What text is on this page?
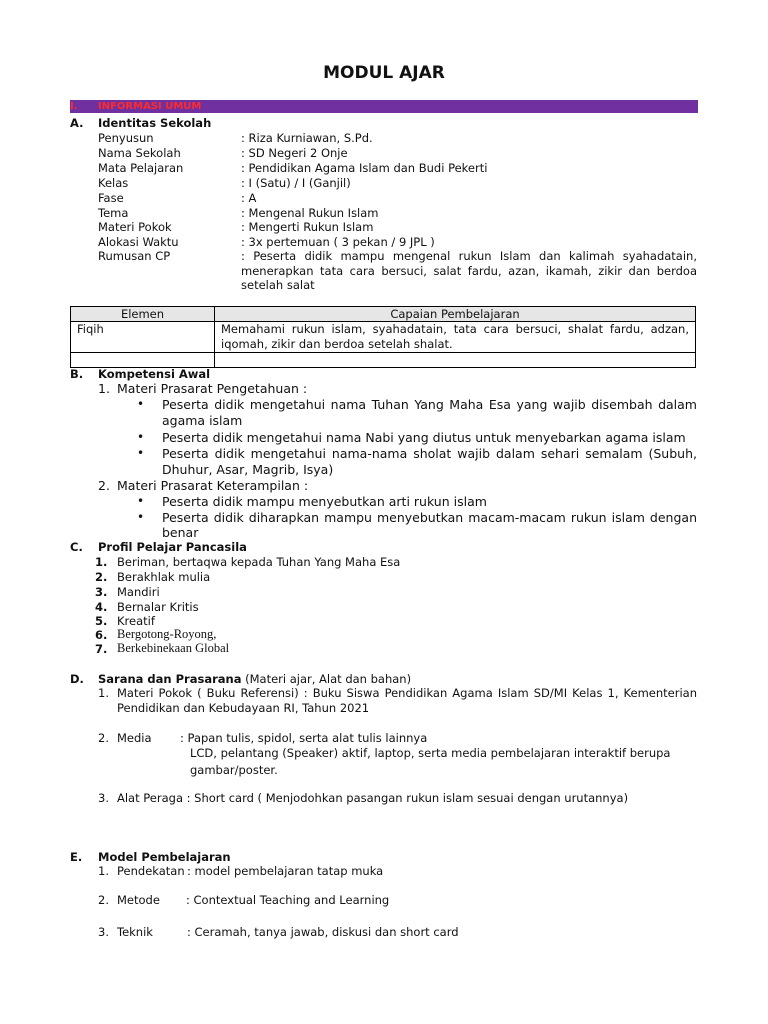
MODUL AJAR
I. INFORMASI UMUM
A. Identitas Sekolah
Penyusun	: Riza Kurniawan, S.Pd.
Nama Sekolah	: SD Negeri 2 Onje
Mata Pelajaran	: Pendidikan Agama Islam dan Budi Pekerti
Kelas	: I (Satu) / I (Ganjil)
Fase	: A
Tema	: Mengenal Rukun Islam
Materi Pokok	: Mengerti Rukun Islam
Alokasi Waktu	: 3x pertemuan ( 3 pekan / 9 JPL )
Rumusan CP	: Peserta didik mampu mengenal rukun Islam dan kalimah syahadatain, menerapkan tata cara bersuci, salat fardu, azan, ikamah, zikir dan berdoa setelah salat
Elemen	Capaian Pembelajaran
Fiqih	Memahami rukun islam, syahadatain, tata cara bersuci, shalat fardu, adzan, iqomah, zikir dan berdoa setelah shalat.

B. Kompetensi Awal
1. Materi Prasarat Pengetahuan :
• Peserta didik mengetahui nama Tuhan Yang Maha Esa yang wajib disembah dalam agama islam
• Peserta didik mengetahui nama Nabi yang diutus untuk menyebarkan agama islam
• Peserta didik mengetahui nama-nama sholat wajib dalam sehari semalam (Subuh, Dhuhur, Asar, Magrib, Isya)
2. Materi Prasarat Keterampilan :
• Peserta didik mampu menyebutkan arti rukun islam
• Peserta didik diharapkan mampu menyebutkan macam-macam rukun islam dengan benar
C. Profil Pelajar Pancasila
1. Beriman, bertaqwa kepada Tuhan Yang Maha Esa
2. Berakhlak mulia
3. Mandiri
4. Bernalar Kritis
5. Kreatif
6. Bergotong-Royong,
7. Berkebinekaan Global
D. Sarana dan Prasarana (Materi ajar, Alat dan bahan)
1. Materi Pokok ( Buku Referensi) : Buku Siswa Pendidikan Agama Islam SD/MI Kelas 1, Kementerian Pendidikan dan Kebudayaan RI, Tahun 2021
2. Media : Papan tulis, spidol, serta alat tulis lainnya
LCD, pelantang (Speaker) aktif, laptop, serta media pembelajaran interaktif berupa
gambar/poster.
3. Alat Peraga : Short card ( Menjodohkan pasangan rukun islam sesuai dengan urutannya)
E. Model Pembelajaran
1. Pendekatan : model pembelajaran tatap muka
2. Metode : Contextual Teaching and Learning
3. Teknik	: Ceramah, tanya jawab, diskusi dan short card
